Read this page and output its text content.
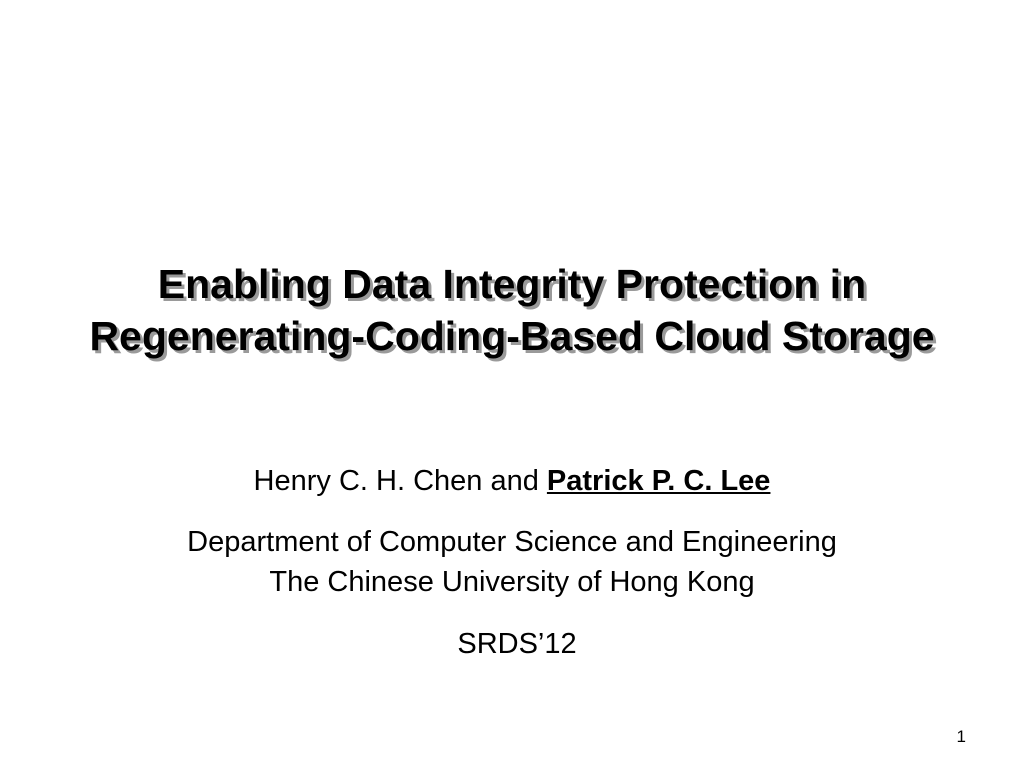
Enabling Data Integrity Protection in
Regenerating-Coding-Based Cloud Storage
Henry C. H. Chen and Patrick P. C. Lee
Department of Computer Science and Engineering
The Chinese University of Hong Kong
SRDS’12
1
